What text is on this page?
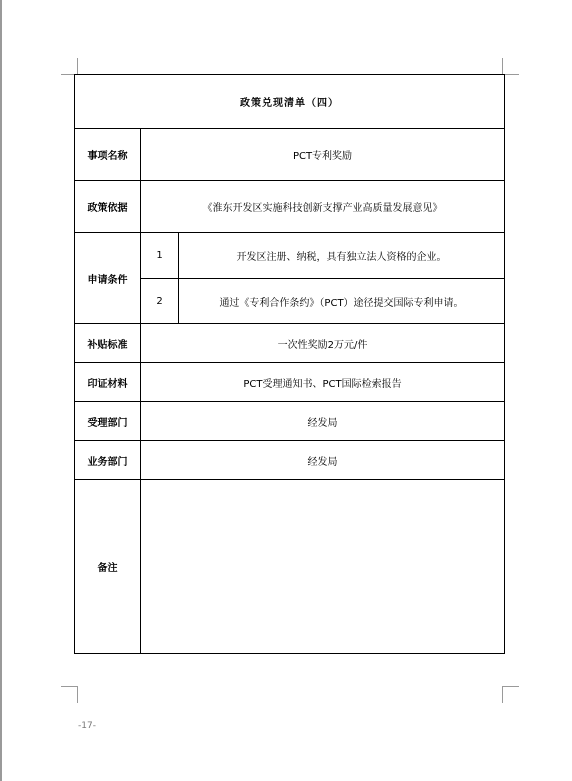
政策兑现清单（四）		
事项名称	PCT专利奖励	
政策依据	《淮东开发区实施科技创新支撑产业高质量发展意见》	
申请条件	1	开发区注册、纳税，具有独立法人资格的企业。
	2	通过《专利合作条约》（PCT）途径提交国际专利申请。
补贴标准	一次性奖励2万元/件	
印证材料	PCT受理通知书、PCT国际检索报告	
受理部门	经发局	
业务部门	经发局	
备注		
-17-
